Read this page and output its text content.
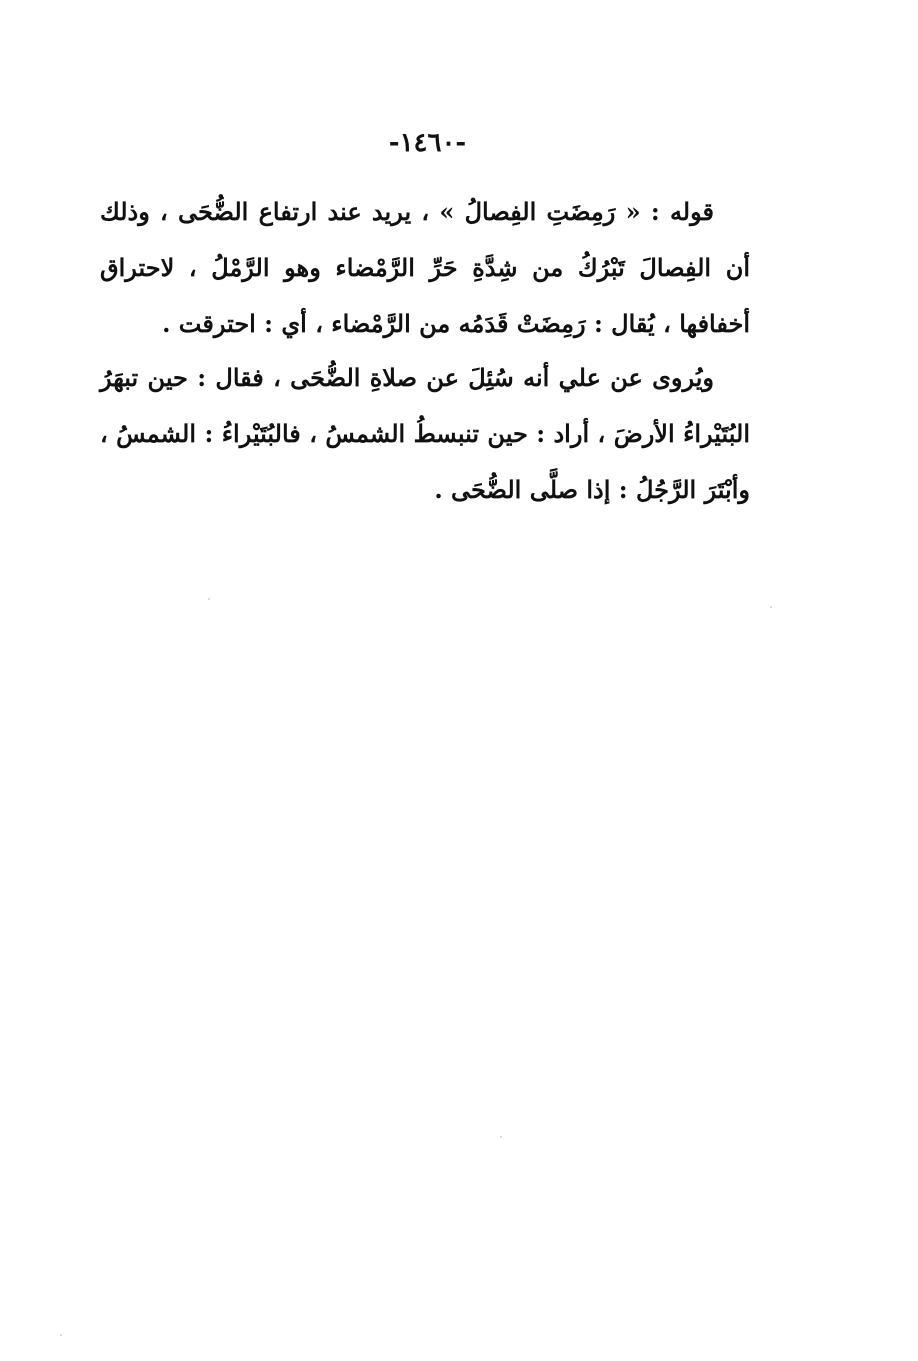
-١٤٦٠-
قوله : « رَمِضَتِ الفِصالُ » ، يريد عند ارتفاع الضُّحَى ، وذلك
أن الفِصالَ تَبْرُكُ من شِدَّةِ حَرِّ الرَّمْضاء وهو الرَّمْلُ ، لاحتراق
أخفافها ، يُقال : رَمِضَتْ قَدَمُه من الرَّمْضاء ، أي : احترقت .
ويُروى عن علي أنه سُئِلَ عن صلاةِ الضُّحَى ، فقال : حين تبهَرُ
البُتَيْراءُ الأرضَ ، أراد : حين تنبسطُ الشمسُ ، فالبُتَيْراءُ : الشمسُ ،
وأبْتَرَ الرَّجُلُ : إذا صلَّى الضُّحَى .
